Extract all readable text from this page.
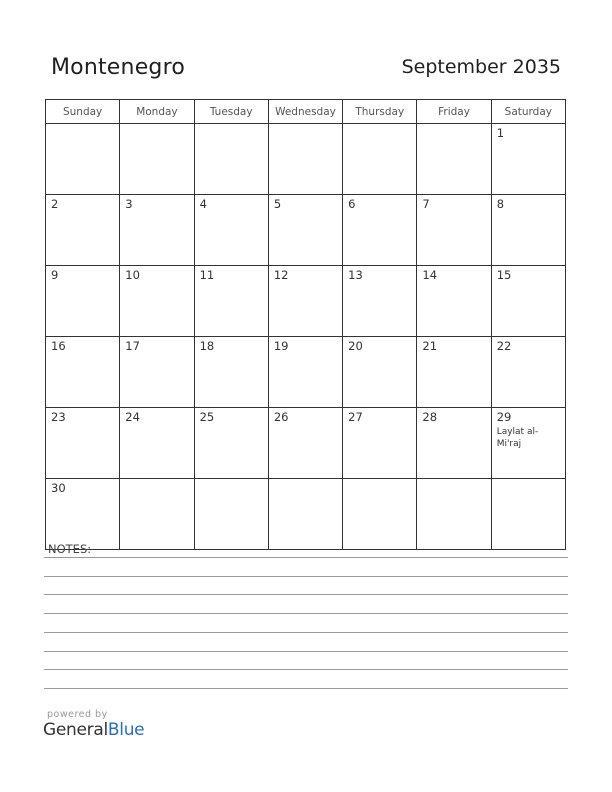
Montenegro	September 2035
Sunday	Monday	Tuesday	Wednesday	Thursday	Friday	Saturday

						1

2	3	4	5	6	7	8

9	10	11	12	13	14	15

16	17	18	19	20	21	22

23	24	25	26	27	28	29
Laylat al-Mi'raj

30						

NOTES:
powered by
GeneralBlue
